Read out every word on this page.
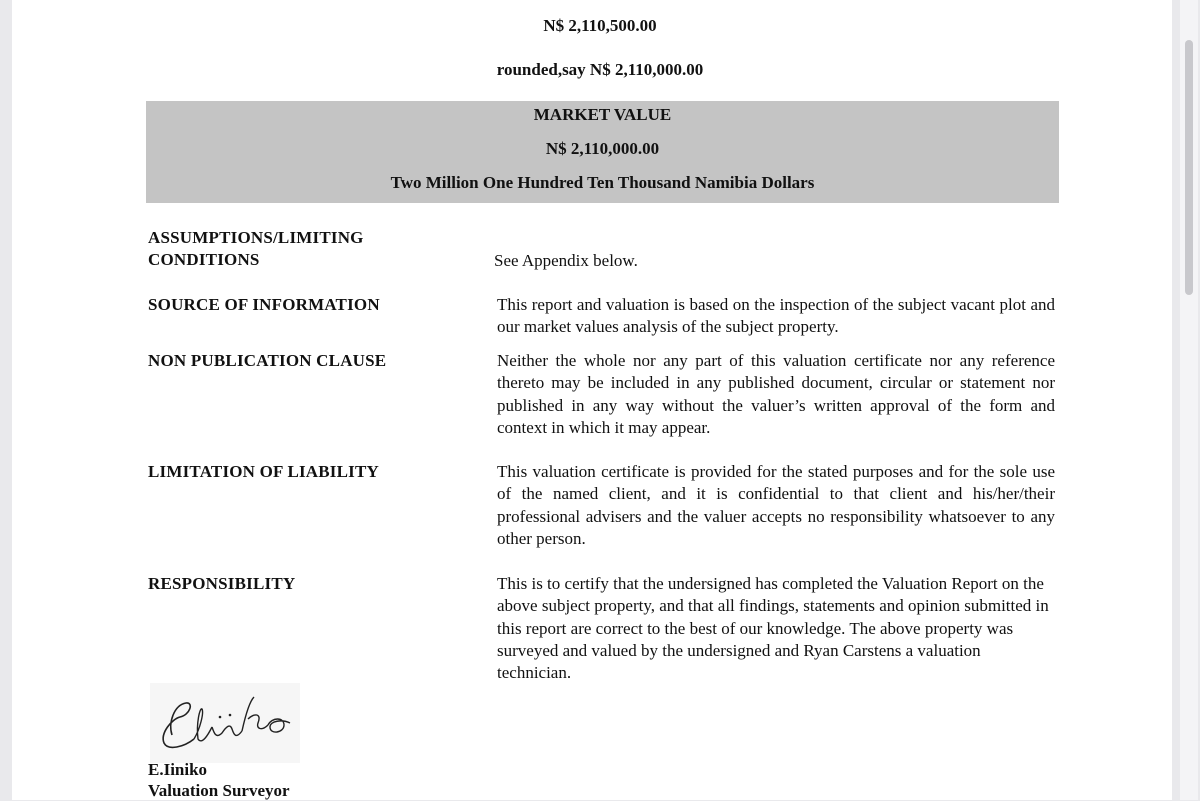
N$ 2,110,500.00
rounded,say N$ 2,110,000.00
MARKET VALUE
N$ 2,110,000.00
Two Million One Hundred Ten Thousand Namibia Dollars
ASSUMPTIONS/LIMITING
CONDITIONS	See Appendix below.
SOURCE OF INFORMATION	This report and valuation is based on the inspection of the subject vacant plot and our market values analysis of the subject property.
NON PUBLICATION CLAUSE	Neither the whole nor any part of this valuation certificate nor any reference thereto may be included in any published document, circular or statement nor published in any way without the valuer’s written approval of the form and context in which it may appear.
LIMITATION OF LIABILITY	This valuation certificate is provided for the stated purposes and for the sole use of the named client, and it is confidential to that client and his/her/their professional advisers and the valuer accepts no responsibility whatsoever to any other person.
RESPONSIBILITY	This is to certify that the undersigned has completed the Valuation Report on the above subject property, and that all findings, statements and opinion submitted in this report are correct to the best of our knowledge. The above property was surveyed and valued by the undersigned and Ryan Carstens a valuation technician.
E.Iiniko
Valuation Surveyor
